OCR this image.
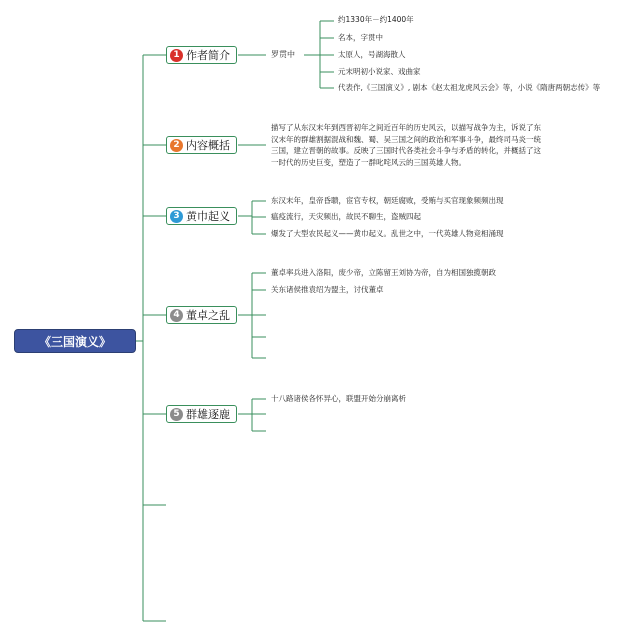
《三国演义》
1 作者简介
2 内容概括
3 黄巾起义
4 董卓之乱
5 群雄逐鹿
罗贯中
约1330年－约1400年
名本，字贯中
太原人，号湖海散人
元末明初小说家、戏曲家
代表作,《三国演义》, 剧本《赵太祖龙虎风云会》等，小说《隋唐两朝志传》等
描写了从东汉末年到西晋初年之间近百年的历史风云，以描写战争为主，诉说了东汉末年的群雄割据混战和魏、蜀、吴三国之间的政治和军事斗争，最终司马炎一统三国，建立晋朝的故事。反映了三国时代各类社会斗争与矛盾的转化，并概括了这一时代的历史巨变，塑造了一群叱咤风云的三国英雄人物。
东汉末年，皇帝昏聩，宦官专权，朝廷腐败，受贿与买官现象频频出现
瘟疫流行，天灾频出，故民不聊生，盗贼四起
爆发了大型农民起义——黄巾起义。乱世之中，一代英雄人物竞相涌现
董卓率兵进入洛阳，废少帝，立陈留王刘协为帝，自为相国独揽朝政
关东诸侯推袁绍为盟主，讨伐董卓
十八路诸侯各怀异心，联盟开始分崩离析
